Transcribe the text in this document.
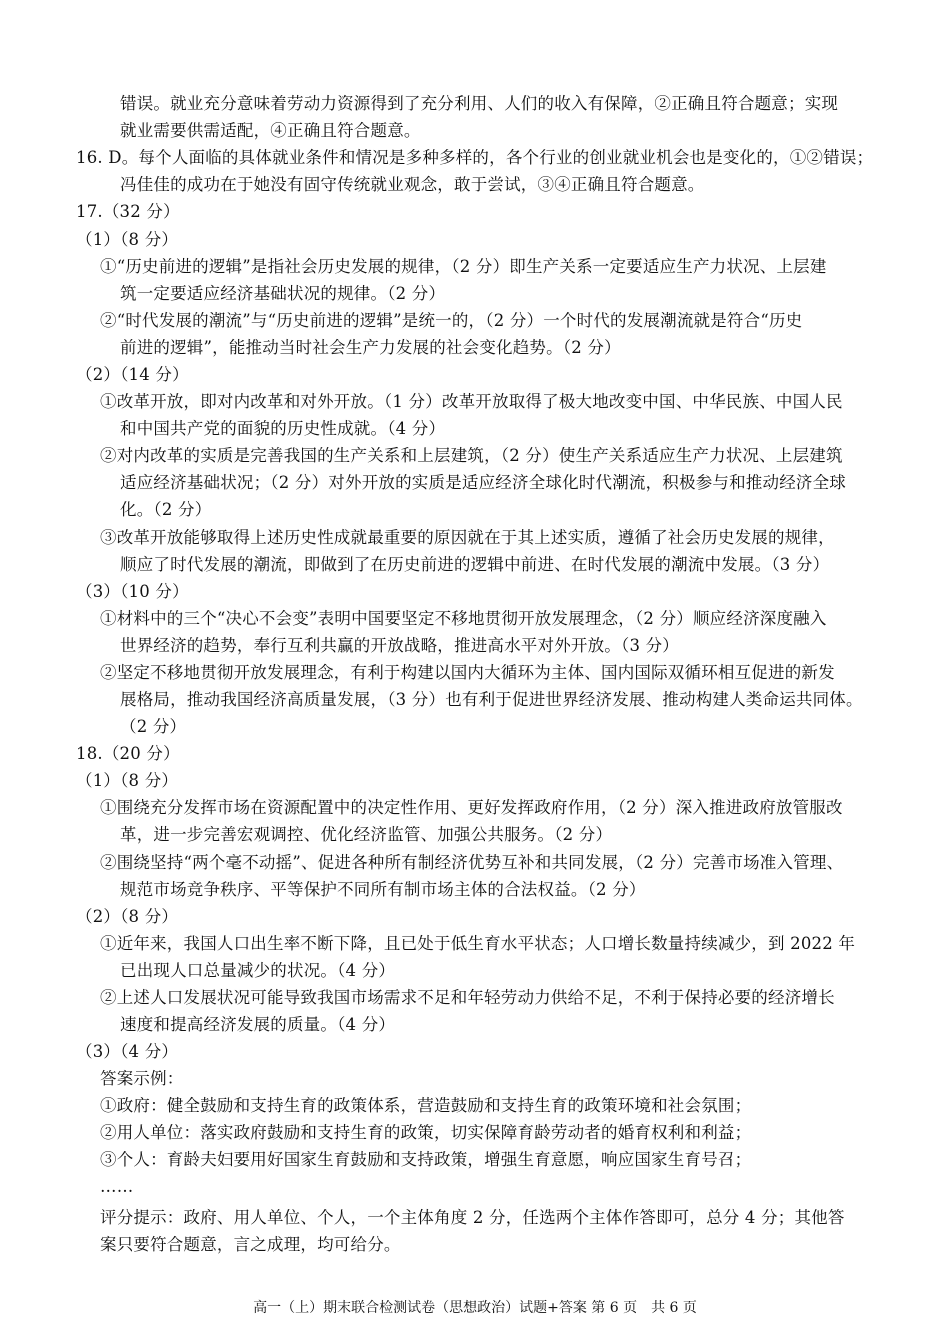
错误。就业充分意味着劳动力资源得到了充分利用、人们的收入有保障，②正确且符合题意；实现
就业需要供需适配，④正确且符合题意。
16. D。每个人面临的具体就业条件和情况是多种多样的，各个行业的创业就业机会也是变化的，①②错误；
冯佳佳的成功在于她没有固守传统就业观念，敢于尝试，③④正确且符合题意。
17.（32 分）
（1）（8 分）
①“历史前进的逻辑”是指社会历史发展的规律，（2 分）即生产关系一定要适应生产力状况、上层建
筑一定要适应经济基础状况的规律。（2 分）
②“时代发展的潮流”与“历史前进的逻辑”是统一的，（2 分）一个时代的发展潮流就是符合“历史
前进的逻辑”，能推动当时社会生产力发展的社会变化趋势。（2 分）
（2）（14 分）
①改革开放，即对内改革和对外开放。（1 分）改革开放取得了极大地改变中国、中华民族、中国人民
和中国共产党的面貌的历史性成就。（4 分）
②对内改革的实质是完善我国的生产关系和上层建筑，（2 分）使生产关系适应生产力状况、上层建筑
适应经济基础状况；（2 分）对外开放的实质是适应经济全球化时代潮流，积极参与和推动经济全球
化。（2 分）
③改革开放能够取得上述历史性成就最重要的原因就在于其上述实质，遵循了社会历史发展的规律，
顺应了时代发展的潮流，即做到了在历史前进的逻辑中前进、在时代发展的潮流中发展。（3 分）
（3）（10 分）
①材料中的三个“决心不会变”表明中国要坚定不移地贯彻开放发展理念，（2 分）顺应经济深度融入
世界经济的趋势，奉行互利共赢的开放战略，推进高水平对外开放。（3 分）
②坚定不移地贯彻开放发展理念，有利于构建以国内大循环为主体、国内国际双循环相互促进的新发
展格局，推动我国经济高质量发展，（3 分）也有利于促进世界经济发展、推动构建人类命运共同体。
（2 分）
18.（20 分）
（1）（8 分）
①围绕充分发挥市场在资源配置中的决定性作用、更好发挥政府作用，（2 分）深入推进政府放管服改
革，进一步完善宏观调控、优化经济监管、加强公共服务。（2 分）
②围绕坚持“两个毫不动摇”、促进各种所有制经济优势互补和共同发展，（2 分）完善市场准入管理、
规范市场竞争秩序、平等保护不同所有制市场主体的合法权益。（2 分）
（2）（8 分）
①近年来，我国人口出生率不断下降，且已处于低生育水平状态；人口增长数量持续减少，到 2022 年
已出现人口总量减少的状况。（4 分）
②上述人口发展状况可能导致我国市场需求不足和年轻劳动力供给不足，不利于保持必要的经济增长
速度和提高经济发展的质量。（4 分）
（3）（4 分）
答案示例：
①政府：健全鼓励和支持生育的政策体系，营造鼓励和支持生育的政策环境和社会氛围；
②用人单位：落实政府鼓励和支持生育的政策，切实保障育龄劳动者的婚育权利和利益；
③个人：育龄夫妇要用好国家生育鼓励和支持政策，增强生育意愿，响应国家生育号召；
……
评分提示：政府、用人单位、个人，一个主体角度 2 分，任选两个主体作答即可，总分 4 分；其他答
案只要符合题意，言之成理，均可给分。
高一（上）期末联合检测试卷（思想政治）试题+答案 第 6 页　共 6 页
